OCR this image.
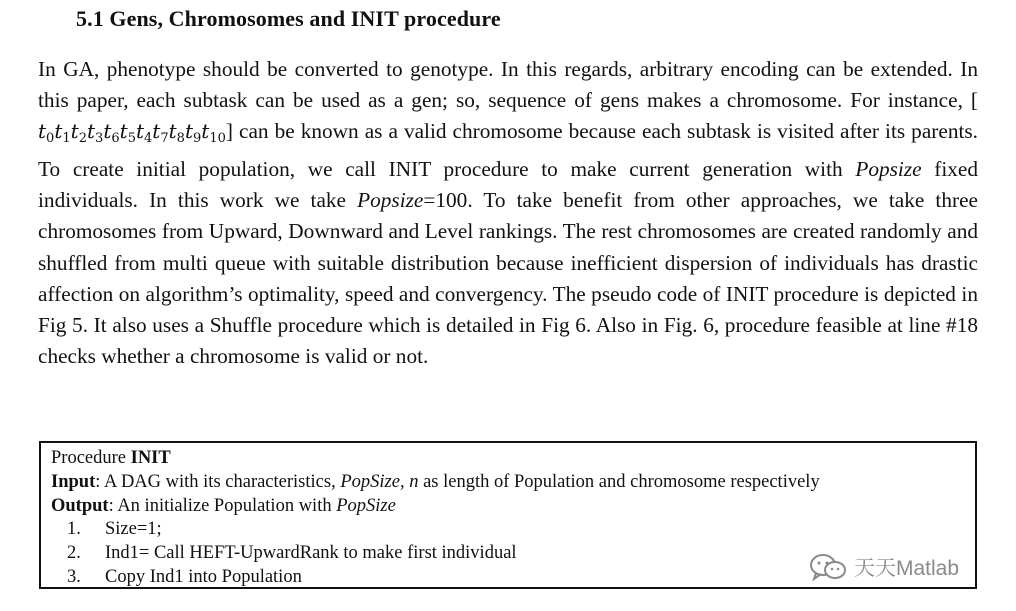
5.1 Gens, Chromosomes and INIT procedure
In GA, phenotype should be converted to genotype. In this regards, arbitrary encoding can be extended. In this paper, each subtask can be used as a gen; so, sequence of gens makes a chromosome. For instance, [ $t_0t_1t_2t_3t_6t_5t_4t_7t_8t_9t_{10}$] can be known as a valid chromosome because each subtask is visited after its parents. To create initial population, we call INIT procedure to make current generation with Popsize fixed individuals. In this work we take Popsize=100. To take benefit from other approaches, we take three chromosomes from Upward, Downward and Level rankings. The rest chromosomes are created randomly and shuffled from multi queue with suitable distribution because inefficient dispersion of individuals has drastic affection on algorithm’s optimality, speed and convergency. The pseudo code of INIT procedure is depicted in Fig 5. It also uses a Shuffle procedure which is detailed in Fig 6. Also in Fig. 6, procedure feasible at line #18 checks whether a chromosome is valid or not.
Procedure INIT
Input: A DAG with its characteristics, PopSize, n as length of Population and chromosome respectively
Output: An initialize Population with PopSize
1. Size=1;
2. Ind1= Call HEFT-UpwardRank to make first individual
3. Copy Ind1 into Population	天天Matlab
